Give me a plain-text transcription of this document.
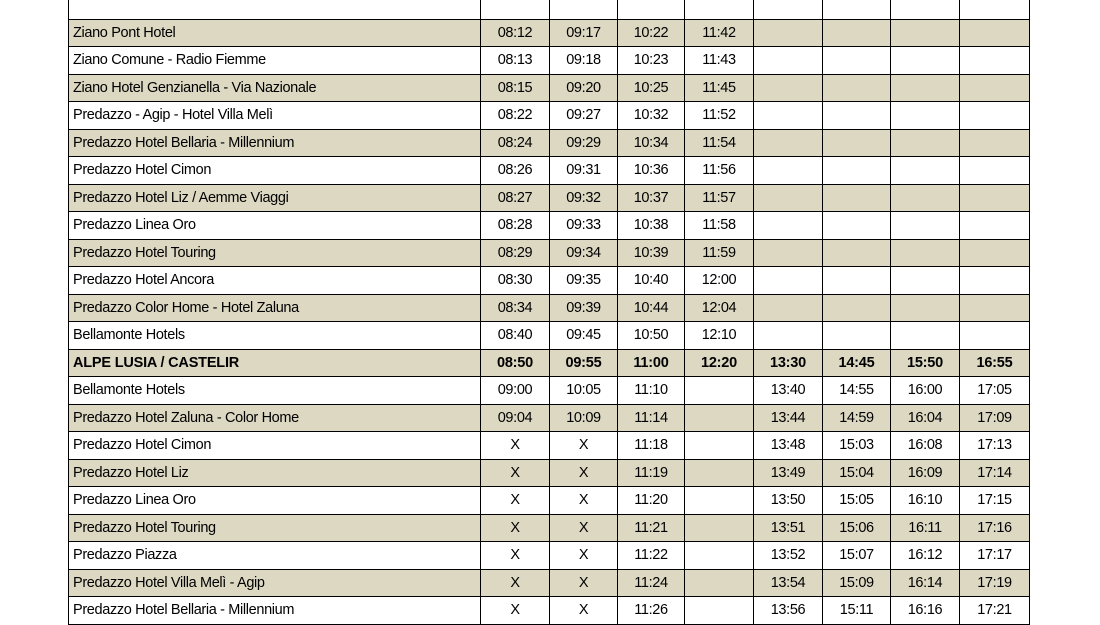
Ziano Pont Hotel	08:12	09:17	10:22	11:42				
Ziano Comune - Radio Fiemme	08:13	09:18	10:23	11:43				
Ziano Hotel Genzianella - Via Nazionale	08:15	09:20	10:25	11:45				
Predazzo - Agip - Hotel Villa Melì	08:22	09:27	10:32	11:52				
Predazzo Hotel Bellaria - Millennium	08:24	09:29	10:34	11:54				
Predazzo Hotel Cimon	08:26	09:31	10:36	11:56				
Predazzo Hotel Liz / Aemme Viaggi	08:27	09:32	10:37	11:57				
Predazzo Linea Oro	08:28	09:33	10:38	11:58				
Predazzo Hotel Touring	08:29	09:34	10:39	11:59				
Predazzo Hotel Ancora	08:30	09:35	10:40	12:00				
Predazzo Color Home - Hotel Zaluna	08:34	09:39	10:44	12:04				
Bellamonte Hotels	08:40	09:45	10:50	12:10				
ALPE LUSIA / CASTELIR	08:50	09:55	11:00	12:20	13:30	14:45	15:50	16:55
Bellamonte Hotels	09:00	10:05	11:10		13:40	14:55	16:00	17:05
Predazzo Hotel Zaluna - Color Home	09:04	10:09	11:14		13:44	14:59	16:04	17:09
Predazzo Hotel Cimon	X	X	11:18		13:48	15:03	16:08	17:13
Predazzo Hotel Liz	X	X	11:19		13:49	15:04	16:09	17:14
Predazzo Linea Oro	X	X	11:20		13:50	15:05	16:10	17:15
Predazzo Hotel Touring	X	X	11:21		13:51	15:06	16:11	17:16
Predazzo Piazza	X	X	11:22		13:52	15:07	16:12	17:17
Predazzo Hotel Villa Melì - Agip	X	X	11:24		13:54	15:09	16:14	17:19
Predazzo Hotel Bellaria - Millennium	X	X	11:26		13:56	15:11	16:16	17:21
